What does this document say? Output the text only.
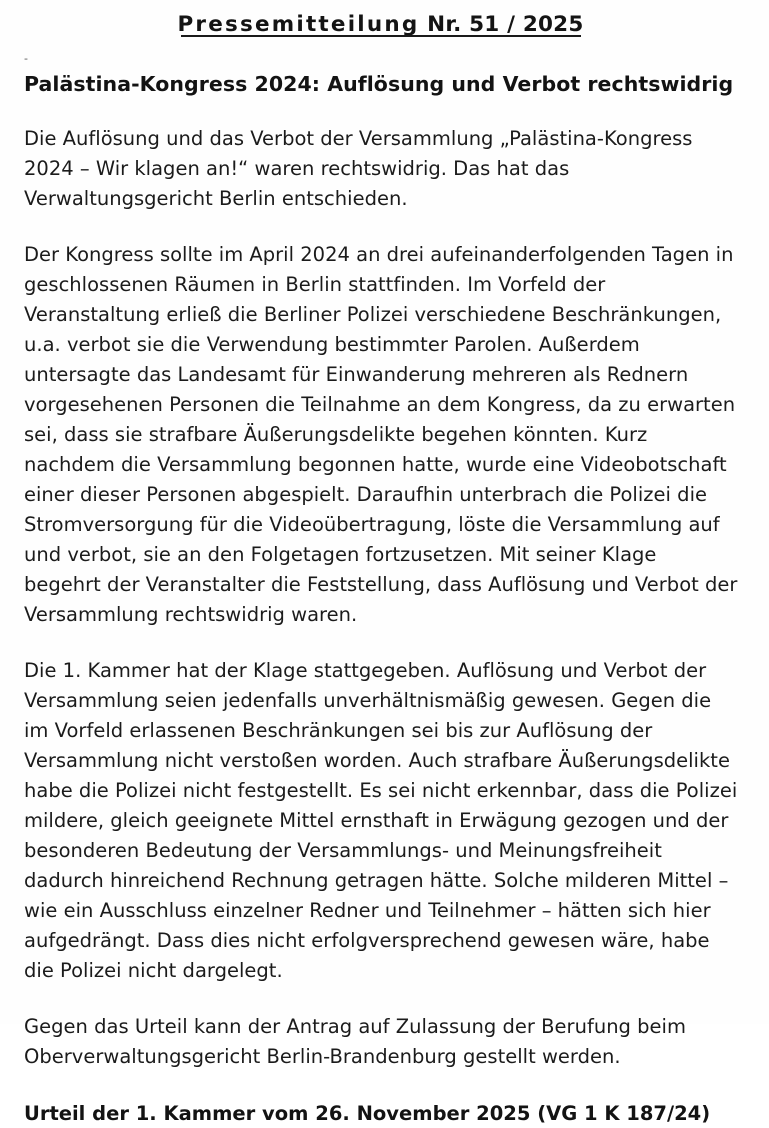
Pressemitteilung Nr. 51 / 2025
-
Palästina-Kongress 2024: Auflösung und Verbot rechtswidrig

Die Auflösung und das Verbot der Versammlung „Palästina-Kongress 2024 – Wir klagen an!“ waren rechtswidrig. Das hat das Verwaltungsgericht Berlin entschieden.

Der Kongress sollte im April 2024 an drei aufeinanderfolgenden Tagen in geschlossenen Räumen in Berlin stattfinden. Im Vorfeld der Veranstaltung erließ die Berliner Polizei verschiedene Beschränkungen, u.a. verbot sie die Verwendung bestimmter Parolen. Außerdem untersagte das Landesamt für Einwanderung mehreren als Rednern vorgesehenen Personen die Teilnahme an dem Kongress, da zu erwarten sei, dass sie strafbare Äußerungsdelikte begehen könnten. Kurz nachdem die Versammlung begonnen hatte, wurde eine Videobotschaft einer dieser Personen abgespielt. Daraufhin unterbrach die Polizei die Stromversorgung für die Videoübertragung, löste die Versammlung auf und verbot, sie an den Folgetagen fortzusetzen. Mit seiner Klage begehrt der Veranstalter die Feststellung, dass Auflösung und Verbot der Versammlung rechtswidrig waren.

Die 1. Kammer hat der Klage stattgegeben. Auflösung und Verbot der Versammlung seien jedenfalls unverhältnismäßig gewesen. Gegen die im Vorfeld erlassenen Beschränkungen sei bis zur Auflösung der Versammlung nicht verstoßen worden. Auch strafbare Äußerungsdelikte habe die Polizei nicht festgestellt. Es sei nicht erkennbar, dass die Polizei mildere, gleich geeignete Mittel ernsthaft in Erwägung gezogen und der besonderen Bedeutung der Versammlungs- und Meinungsfreiheit dadurch hinreichend Rechnung getragen hätte. Solche milderen Mittel – wie ein Ausschluss einzelner Redner und Teilnehmer – hätten sich hier aufgedrängt. Dass dies nicht erfolgversprechend gewesen wäre, habe die Polizei nicht dargelegt.

Gegen das Urteil kann der Antrag auf Zulassung der Berufung beim Oberverwaltungsgericht Berlin-Brandenburg gestellt werden.

Urteil der 1. Kammer vom 26. November 2025 (VG 1 K 187/24)
